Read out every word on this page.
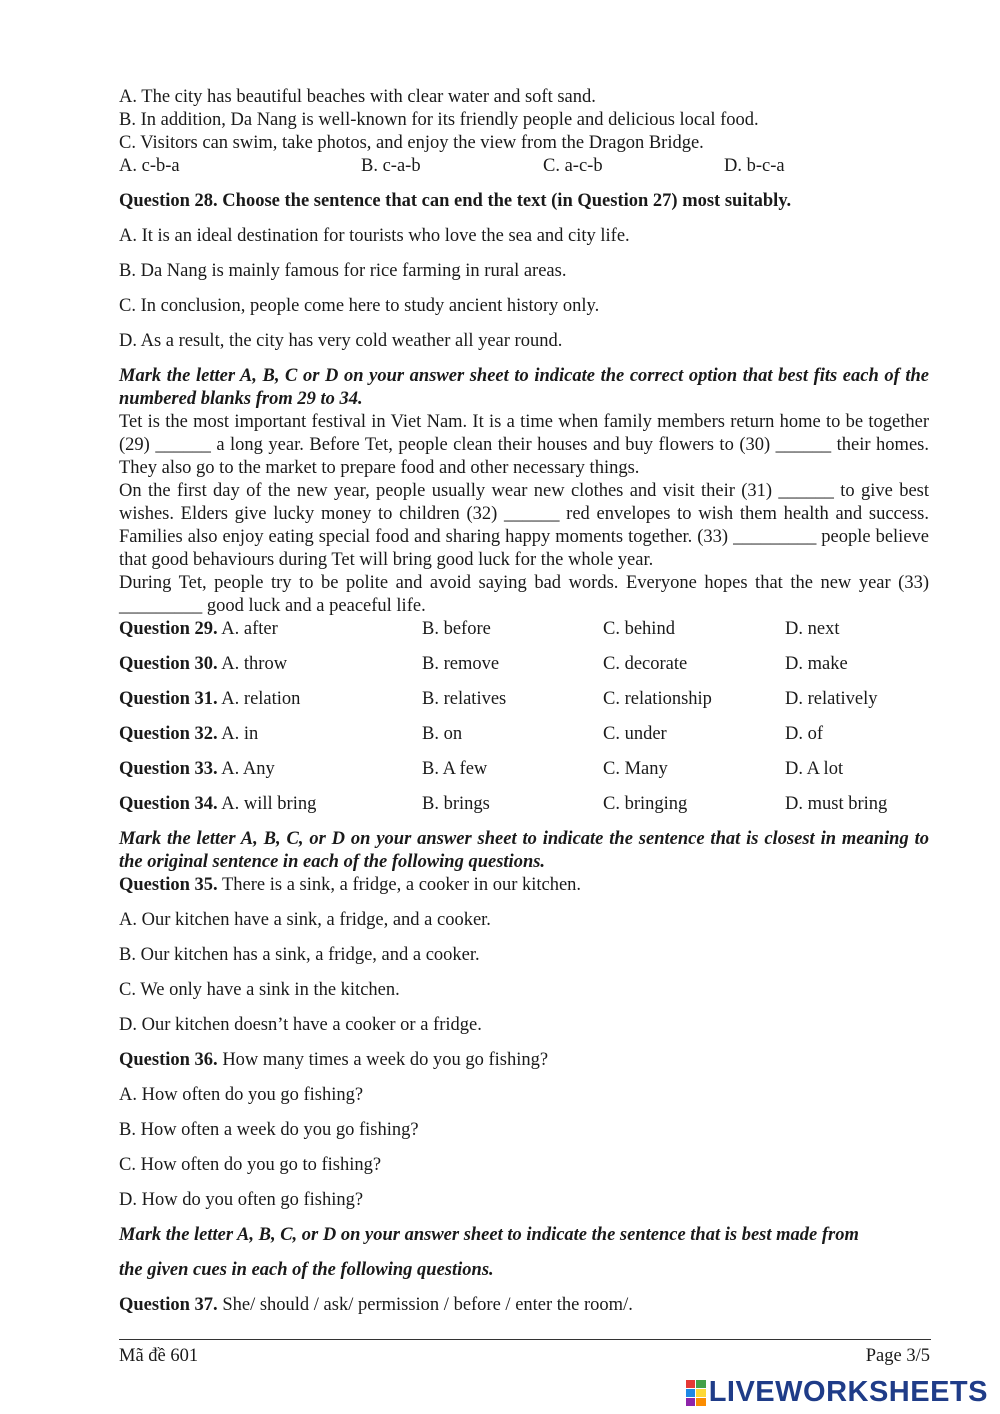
A. The city has beautiful beaches with clear water and soft sand.
B. In addition, Da Nang is well-known for its friendly people and delicious local food.
C. Visitors can swim, take photos, and enjoy the view from the Dragon Bridge.
A. c-b-a	B. c-a-b	C. a-c-b	D. b-c-a
Question 28. Choose the sentence that can end the text (in Question 27) most suitably.
A. It is an ideal destination for tourists who love the sea and city life.
B. Da Nang is mainly famous for rice farming in rural areas.
C. In conclusion, people come here to study ancient history only.
D. As a result, the city has very cold weather all year round.
Mark the letter A, B, C or D on your answer sheet to indicate the correct option that best fits each of the numbered blanks from 29 to 34.
Tet is the most important festival in Viet Nam. It is a time when family members return home to be together (29) ______ a long year. Before Tet, people clean their houses and buy flowers to (30) ______ their homes. They also go to the market to prepare food and other necessary things.
On the first day of the new year, people usually wear new clothes and visit their (31) ______ to give best wishes. Elders give lucky money to children (32) ______ red envelopes to wish them health and success. Families also enjoy eating special food and sharing happy moments together. (33) _________ people believe that good behaviours during Tet will bring good luck for the whole year.
During Tet, people try to be polite and avoid saying bad words. Everyone hopes that the new year (33) _________ good luck and a peaceful life.
Question 29. A. after	B. before	C. behind	D. next
Question 30. A. throw	B. remove	C. decorate	D. make
Question 31. A. relation	B. relatives	C. relationship	D. relatively
Question 32. A. in	B. on	C. under	D. of
Question 33. A. Any	B. A few	C. Many	D. A lot
Question 34. A. will bring	B. brings	C. bringing	D. must bring
Mark the letter A, B, C, or D on your answer sheet to indicate the sentence that is closest in meaning to the original sentence in each of the following questions.
Question 35. There is a sink, a fridge, a cooker in our kitchen.
A. Our kitchen have a sink, a fridge, and a cooker.
B. Our kitchen has a sink, a fridge, and a cooker.
C. We only have a sink in the kitchen.
D. Our kitchen doesn’t have a cooker or a fridge.
Question 36. How many times a week do you go fishing?
A. How often do you go fishing?
B. How often a week do you go fishing?
C. How often do you go to fishing?
D. How do you often go fishing?
Mark the letter A, B, C, or D on your answer sheet to indicate the sentence that is best made from
the given cues in each of the following questions.
Question 37. She/ should / ask/ permission / before / enter the room/.
Mã đề 601	Page 3/5
LIVEWORKSHEETS
